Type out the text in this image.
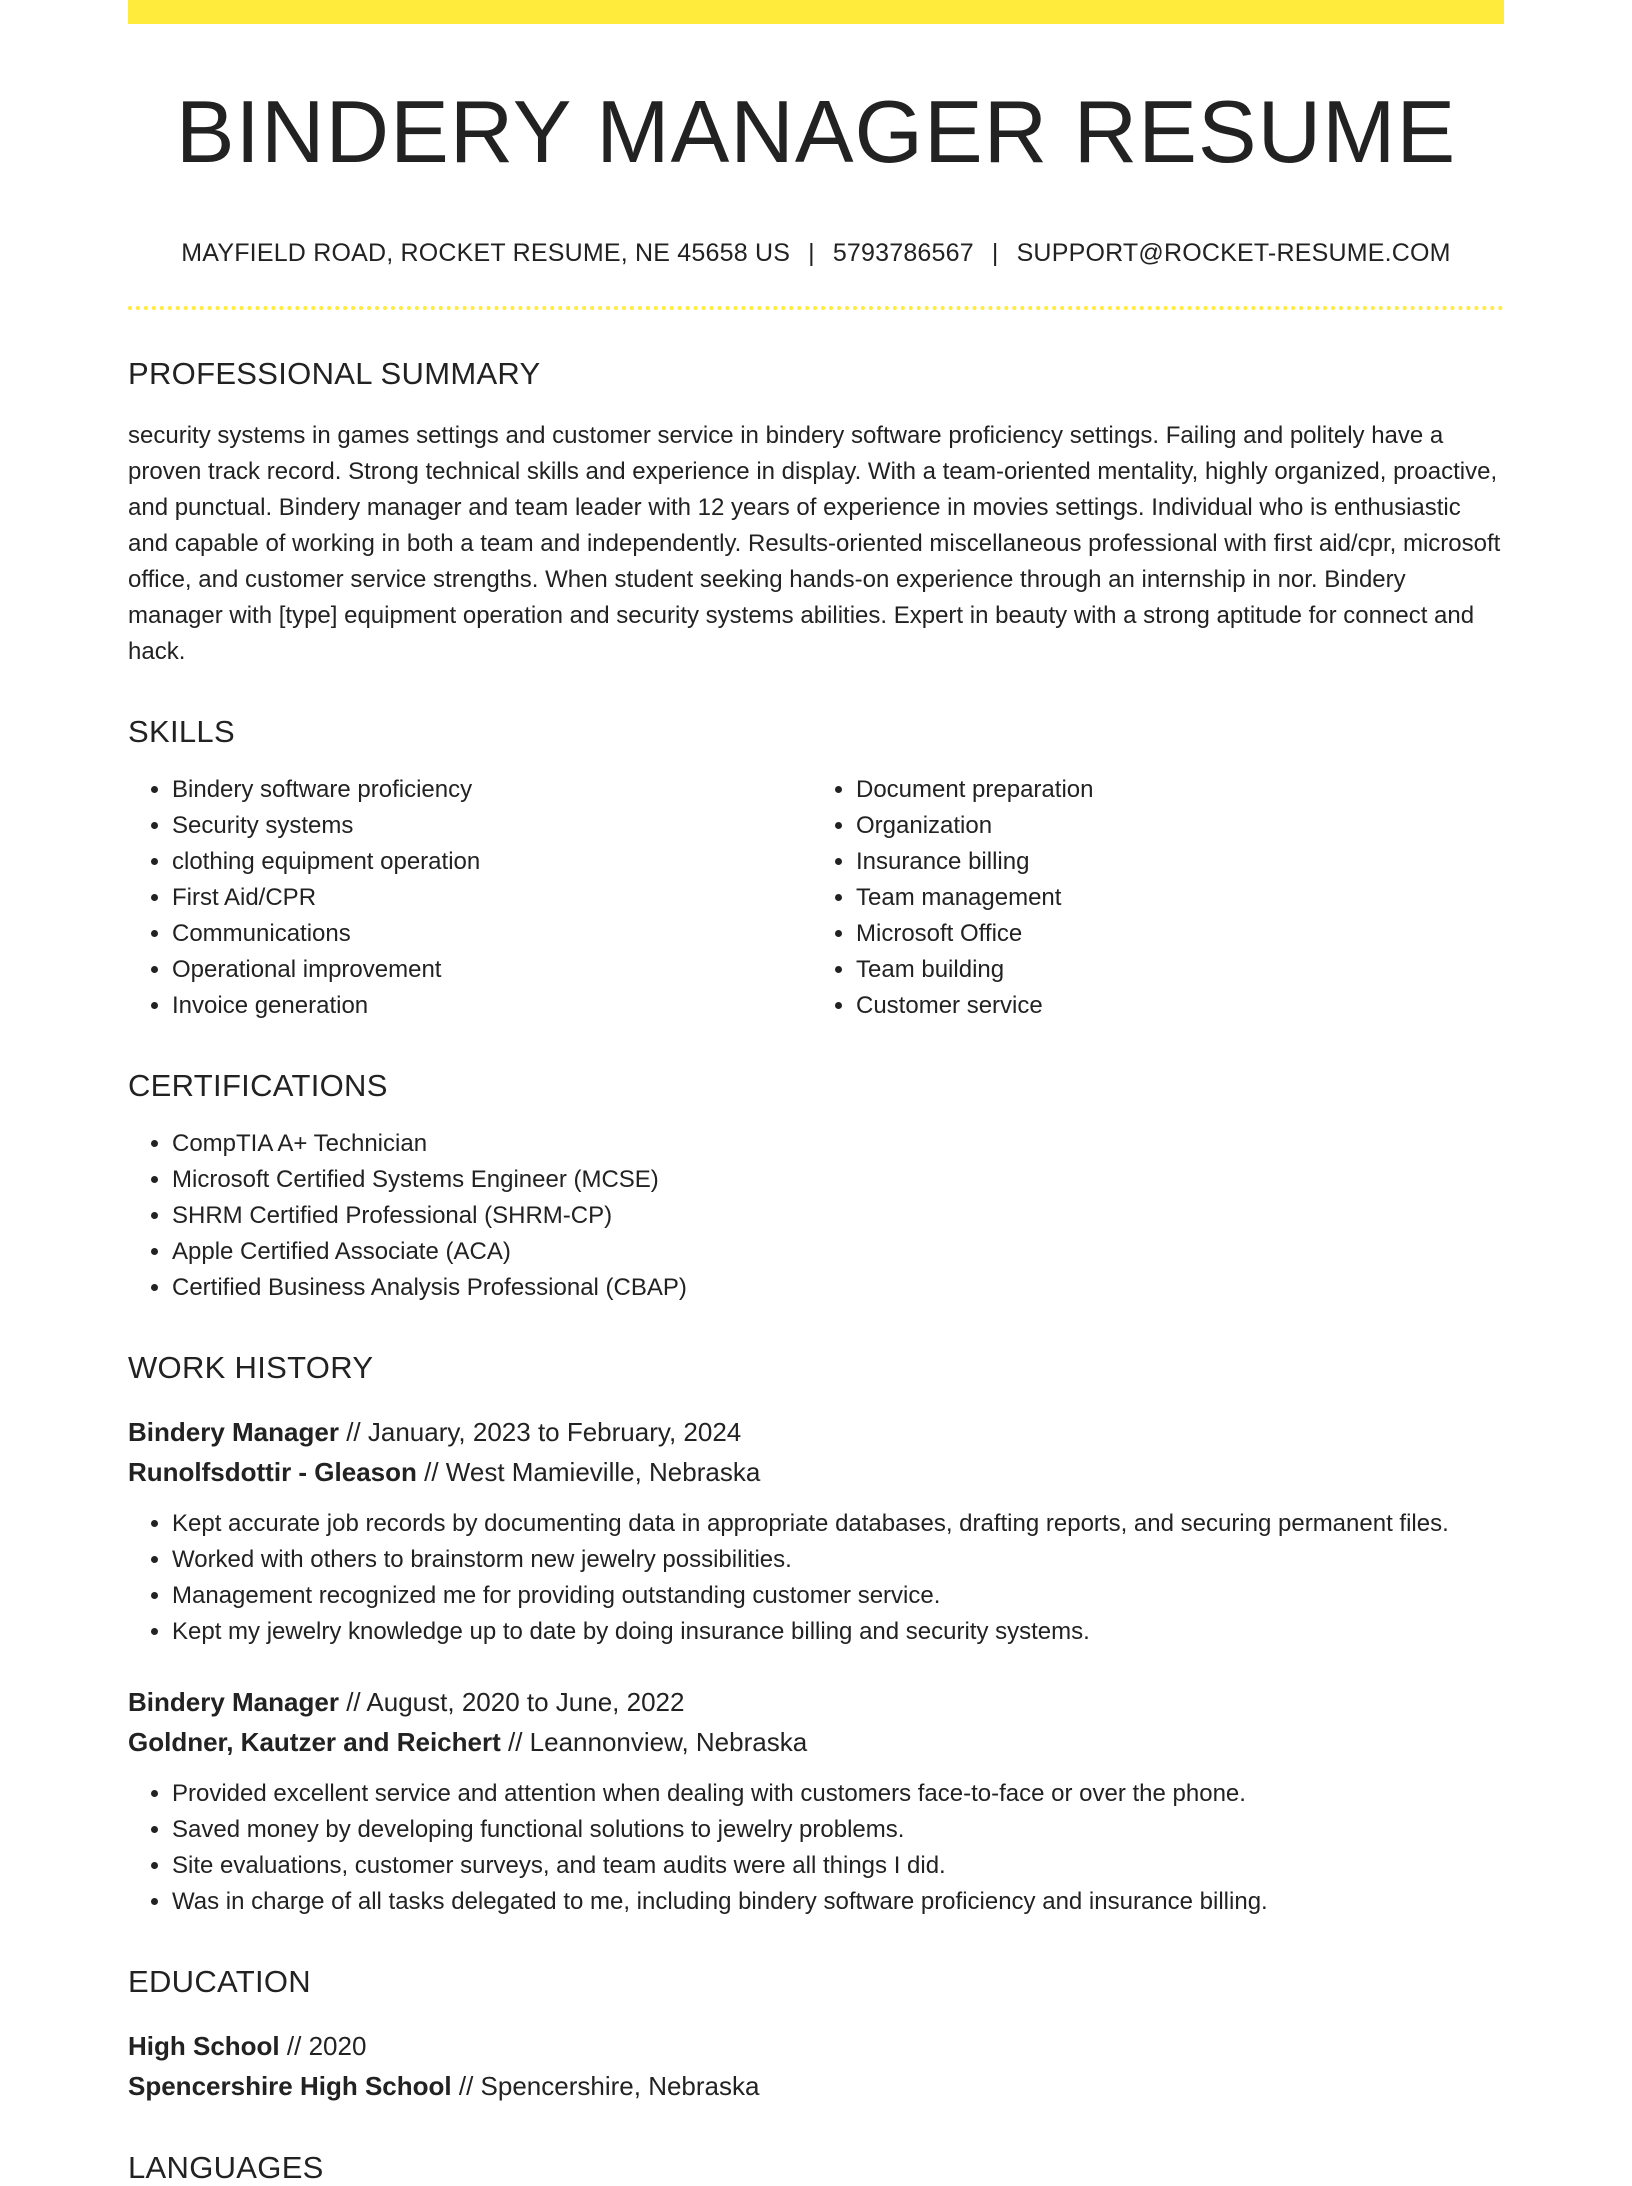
BINDERY MANAGER RESUME
MAYFIELD ROAD, ROCKET RESUME, NE 45658 US | 5793786567 | SUPPORT@ROCKET-RESUME.COM
PROFESSIONAL SUMMARY
security systems in games settings and customer service in bindery software proficiency settings. Failing and politely have a proven track record. Strong technical skills and experience in display. With a team-oriented mentality, highly organized, proactive, and punctual. Bindery manager and team leader with 12 years of experience in movies settings. Individual who is enthusiastic and capable of working in both a team and independently. Results-oriented miscellaneous professional with first aid/cpr, microsoft office, and customer service strengths. When student seeking hands-on experience through an internship in nor. Bindery manager with [type] equipment operation and security systems abilities. Expert in beauty with a strong aptitude for connect and hack.
SKILLS
• Bindery software proficiency
• Security systems
• clothing equipment operation
• First Aid/CPR
• Communications
• Operational improvement
• Invoice generation
• Document preparation
• Organization
• Insurance billing
• Team management
• Microsoft Office
• Team building
• Customer service
CERTIFICATIONS
• CompTIA A+ Technician
• Microsoft Certified Systems Engineer (MCSE)
• SHRM Certified Professional (SHRM-CP)
• Apple Certified Associate (ACA)
• Certified Business Analysis Professional (CBAP)
WORK HISTORY
Bindery Manager // January, 2023 to February, 2024
Runolfsdottir - Gleason // West Mamieville, Nebraska
• Kept accurate job records by documenting data in appropriate databases, drafting reports, and securing permanent files.
• Worked with others to brainstorm new jewelry possibilities.
• Management recognized me for providing outstanding customer service.
• Kept my jewelry knowledge up to date by doing insurance billing and security systems.
Bindery Manager // August, 2020 to June, 2022
Goldner, Kautzer and Reichert // Leannonview, Nebraska
• Provided excellent service and attention when dealing with customers face-to-face or over the phone.
• Saved money by developing functional solutions to jewelry problems.
• Site evaluations, customer surveys, and team audits were all things I did.
• Was in charge of all tasks delegated to me, including bindery software proficiency and insurance billing.
EDUCATION
High School // 2020
Spencershire High School // Spencershire, Nebraska
LANGUAGES
